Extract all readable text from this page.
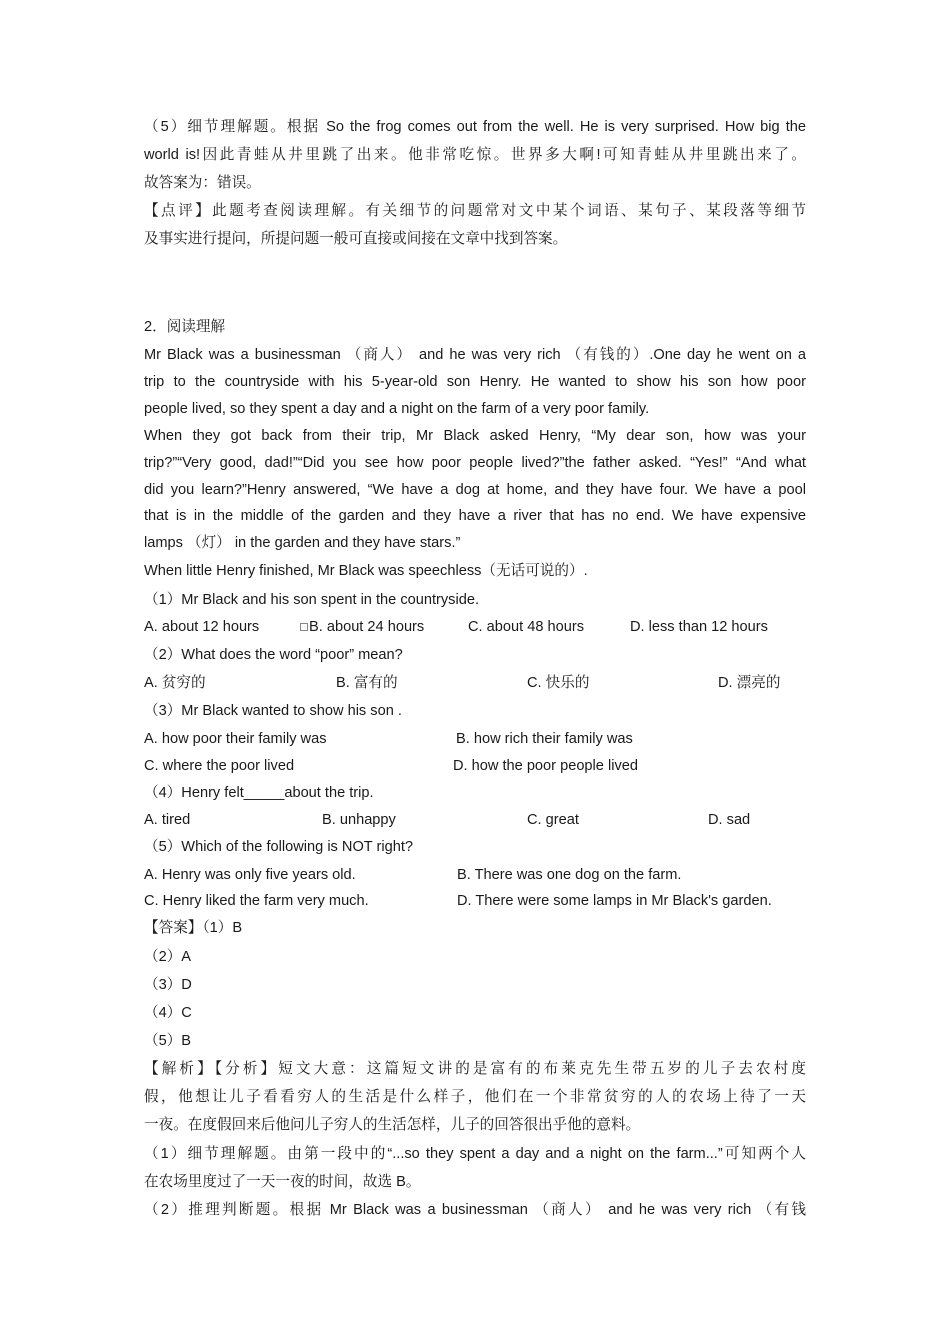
（5）细节理解题。根据 So the frog comes out from the well. He is very surprised. How big the
world is!因此青蛙从井里跳了出来。他非常吃惊。世界多大啊!可知青蛙从井里跳出来了。
故答案为：错误。
【点评】此题考查阅读理解。有关细节的问题常对文中某个词语、某句子、某段落等细节
及事实进行提问，所提问题一般可直接或间接在文章中找到答案。
2．阅读理解
Mr Black was a businessman （商人） and he was very rich （有钱的）.One day he went on a
trip to the countryside with his 5-year-old son Henry. He wanted to show his son how poor
people lived, so they spent a day and a night on the farm of a very poor family.
When they got back from their trip, Mr Black asked Henry, “My dear son, how was your
trip?”“Very good, dad!”“Did you see how poor people lived?”the father asked. “Yes!” “And what
did you learn?”Henry answered, “We have a dog at home, and they have four. We have a pool
that is in the middle of the garden and they have a river that has no end. We have expensive
lamps （灯） in the garden and they have stars.”
When little Henry finished, Mr Black was speechless（无话可说的）.
（1）Mr Black and his son spent in the countryside.
A. about 12 hours	B. about 24 hours	C. about 48 hours	D. less than 12 hours
（2）What does the word “poor” mean?
A. 贫穷的	B. 富有的	C. 快乐的	D. 漂亮的
（3）Mr Black wanted to show his son .
A. how poor their family was	B. how rich their family was
C. where the poor lived	D. how the poor people lived
（4）Henry felt_____about the trip.
A. tired	B. unhappy	C. great	D. sad
（5）Which of the following is NOT right?
A. Henry was only five years old.	B. There was one dog on the farm.
C. Henry liked the farm very much.	D. There were some lamps in Mr Black's garden.
【答案】（1）B
（2）A
（3）D
（4）C
（5）B
【解析】【分析】短文大意：这篇短文讲的是富有的布莱克先生带五岁的儿子去农村度
假，他想让儿子看看穷人的生活是什么样子，他们在一个非常贫穷的人的农场上待了一天
一夜。在度假回来后他问儿子穷人的生活怎样，儿子的回答很出乎他的意料。
（1）细节理解题。由第一段中的“...so they spent a day and a night on the farm...”可知两个人
在农场里度过了一天一夜的时间，故选 B。
（2）推理判断题。根据 Mr Black was a businessman （商人） and he was very rich （有钱
